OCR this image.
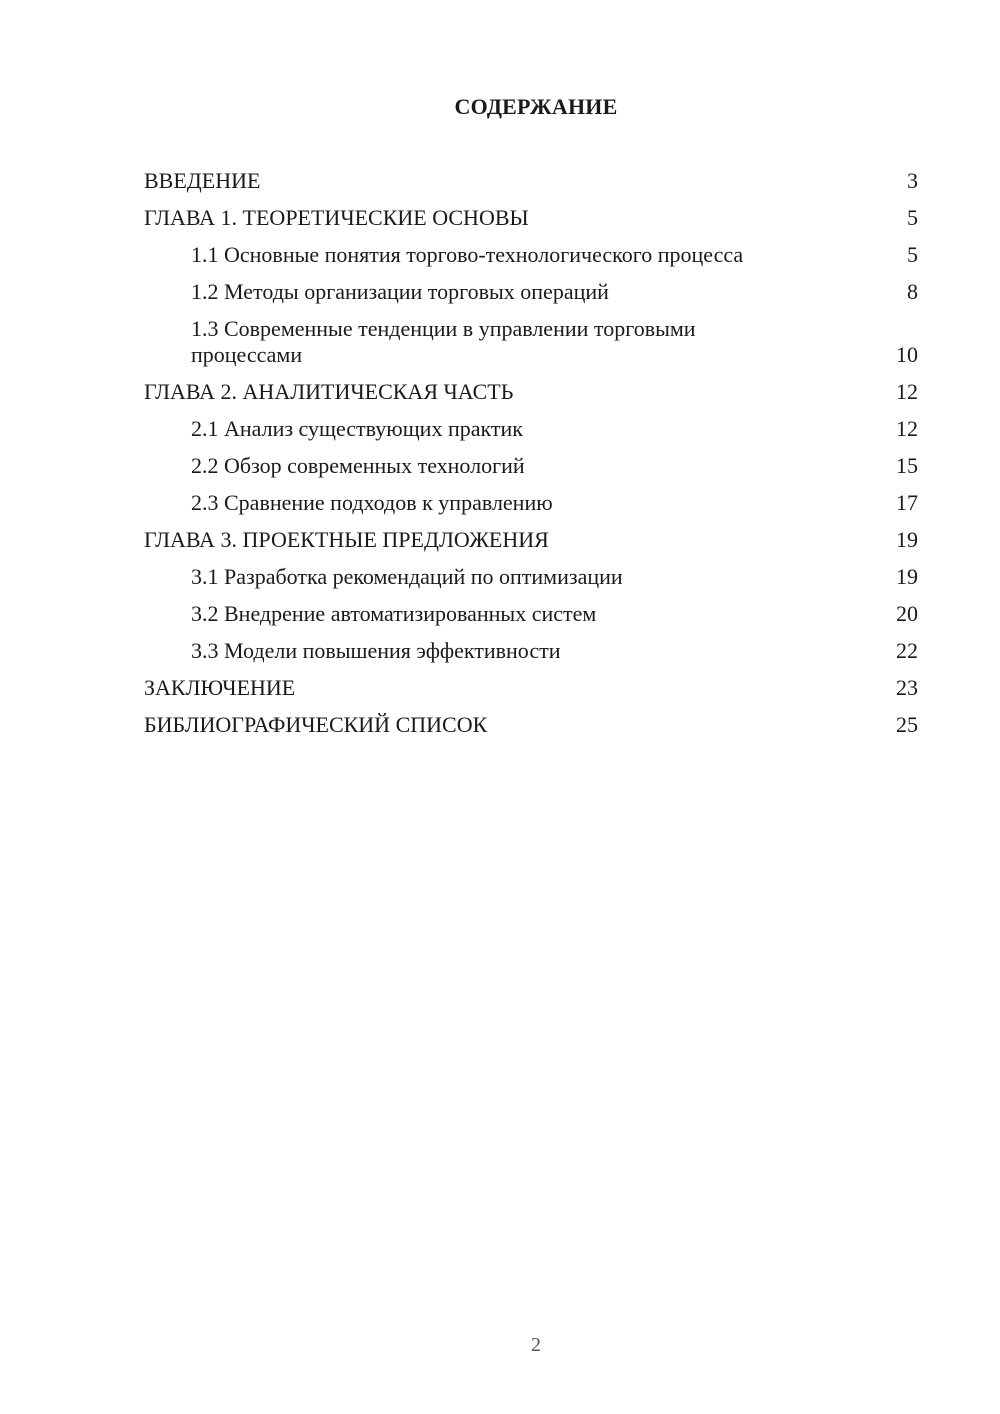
СОДЕРЖАНИЕ
ВВЕДЕНИЕ	3
ГЛАВА 1. ТЕОРЕТИЧЕСКИЕ ОСНОВЫ	5
1.1 Основные понятия торгово-технологического процесса	5
1.2 Методы организации торговых операций	8
1.3 Современные тенденции в управлении торговыми процессами	10
ГЛАВА 2. АНАЛИТИЧЕСКАЯ ЧАСТЬ	12
2.1 Анализ существующих практик	12
2.2 Обзор современных технологий	15
2.3 Сравнение подходов к управлению	17
ГЛАВА 3. ПРОЕКТНЫЕ ПРЕДЛОЖЕНИЯ	19
3.1 Разработка рекомендаций по оптимизации	19
3.2 Внедрение автоматизированных систем	20
3.3 Модели повышения эффективности	22
ЗАКЛЮЧЕНИЕ	23
БИБЛИОГРАФИЧЕСКИЙ СПИСОК	25
2
